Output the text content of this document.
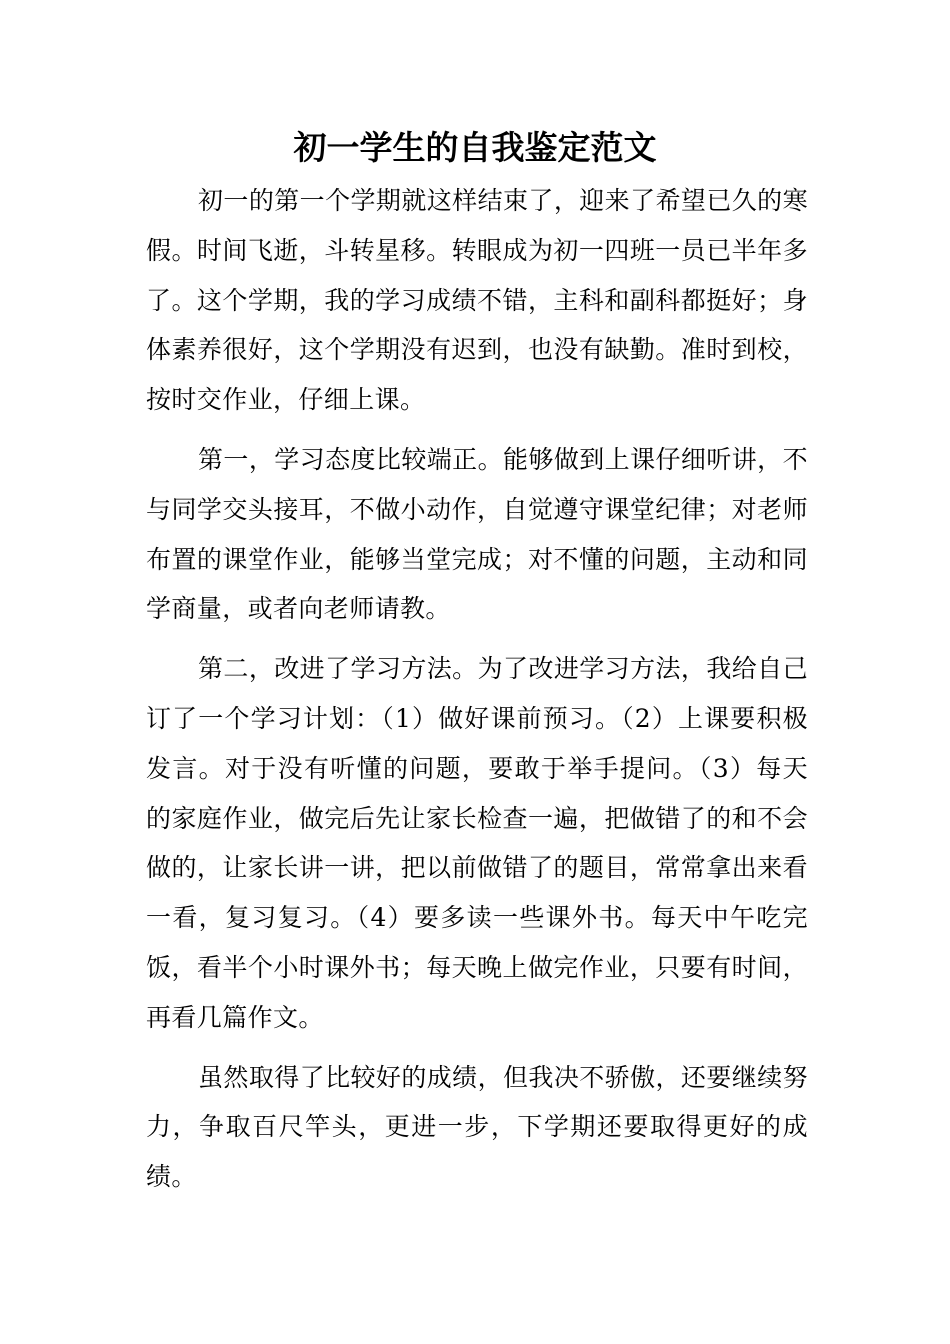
初一学生的自我鉴定范文

初一的第一个学期就这样结束了，迎来了希望已久的寒假。时间飞逝，斗转星移。转眼成为初一四班一员已半年多了。这个学期，我的学习成绩不错，主科和副科都挺好；身体素养很好，这个学期没有迟到，也没有缺勤。准时到校，按时交作业，仔细上课。

第一，学习态度比较端正。能够做到上课仔细听讲，不与同学交头接耳，不做小动作，自觉遵守课堂纪律；对老师布置的课堂作业，能够当堂完成；对不懂的问题，主动和同学商量，或者向老师请教。

第二，改进了学习方法。为了改进学习方法，我给自己订了一个学习计划：（1）做好课前预习。（2）上课要积极发言。对于没有听懂的问题，要敢于举手提问。（3）每天的家庭作业，做完后先让家长检查一遍，把做错了的和不会做的，让家长讲一讲，把以前做错了的题目，常常拿出来看一看，复习复习。（4）要多读一些课外书。每天中午吃完饭，看半个小时课外书；每天晚上做完作业，只要有时间，再看几篇作文。

虽然取得了比较好的成绩，但我决不骄傲，还要继续努力，争取百尺竿头，更进一步，下学期还要取得更好的成绩。
